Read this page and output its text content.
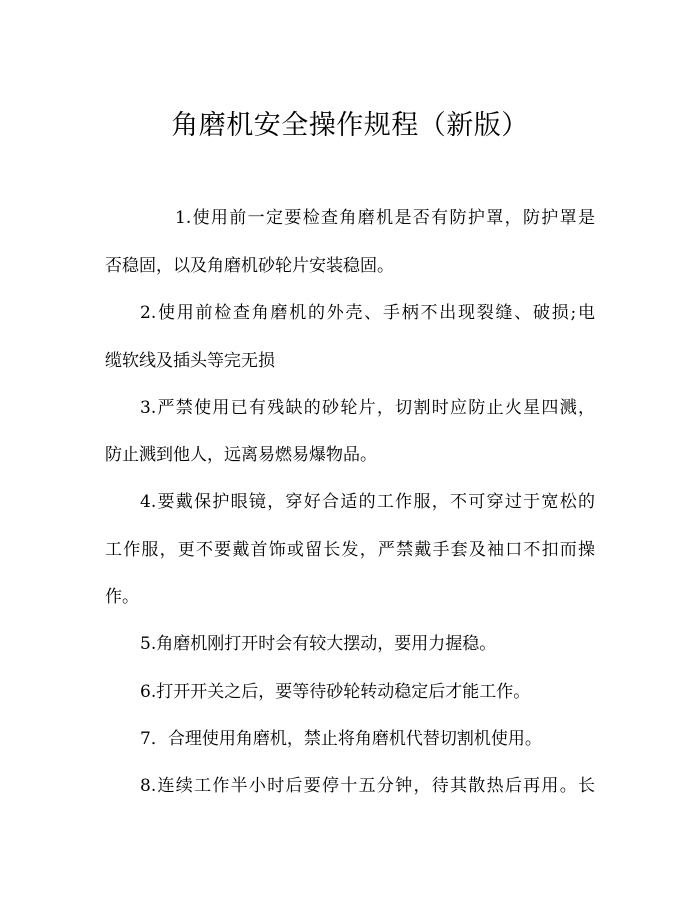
角磨机安全操作规程（新版）
1.使用前一定要检查角磨机是否有防护罩，防护罩是
否稳固，以及角磨机砂轮片安装稳固。
2.使用前检查角磨机的外壳、手柄不出现裂缝、破损;电
缆软线及插头等完无损
3.严禁使用已有残缺的砂轮片，切割时应防止火星四溅，
防止溅到他人，远离易燃易爆物品。
4.要戴保护眼镜，穿好合适的工作服，不可穿过于宽松的
工作服，更不要戴首饰或留长发，严禁戴手套及袖口不扣而操
作。
5.角磨机刚打开时会有较大摆动，要用力握稳。
6.打开开关之后，要等待砂轮转动稳定后才能工作。
7．合理使用角磨机，禁止将角磨机代替切割机使用。
8.连续工作半小时后要停十五分钟，待其散热后再用。长
